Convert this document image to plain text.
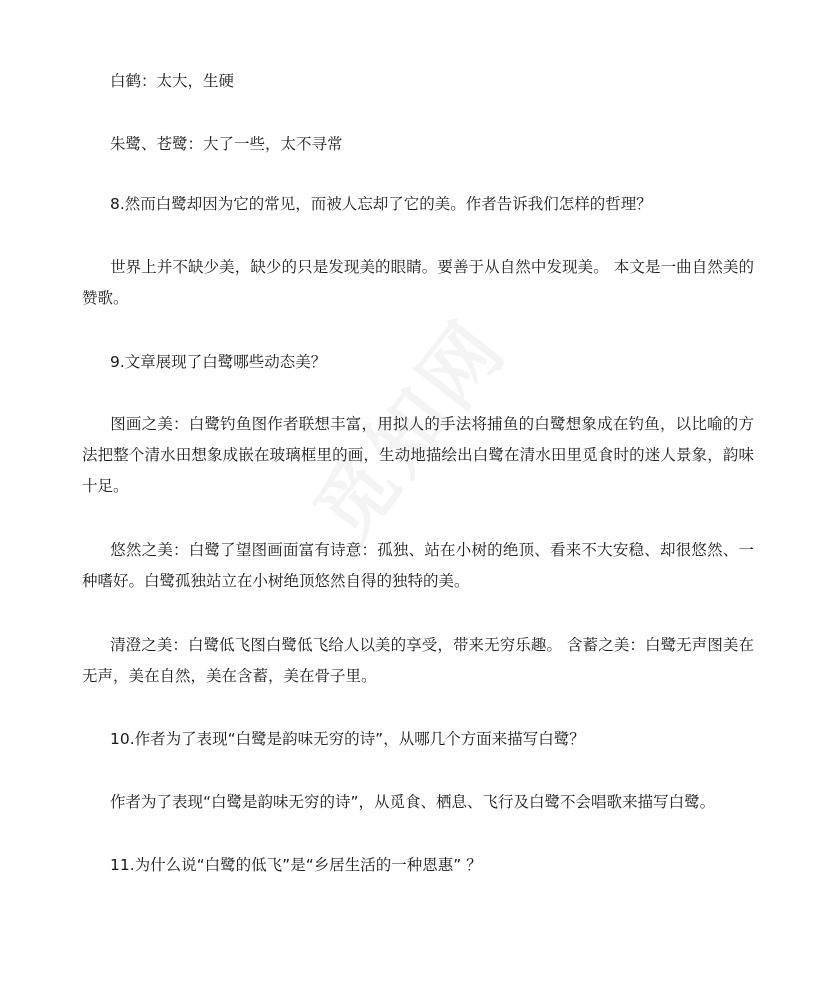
白鹤：太大，生硬

朱鹭、苍鹭：大了一些，太不寻常

8.然而白鹭却因为它的常见，而被人忘却了它的美。作者告诉我们怎样的哲理？

世界上并不缺少美，缺少的只是发现美的眼睛。要善于从自然中发现美。 本文是一曲自然美的赞歌。

9.文章展现了白鹭哪些动态美？

图画之美：白鹭钓鱼图作者联想丰富，用拟人的手法将捕鱼的白鹭想象成在钓鱼，以比喻的方法把整个清水田想象成嵌在玻璃框里的画，生动地描绘出白鹭在清水田里觅食时的迷人景象，韵味十足。

悠然之美：白鹭了望图画面富有诗意：孤独、站在小树的绝顶、看来不大安稳、却很悠然、一种嗜好。白鹭孤独站立在小树绝顶悠然自得的独特的美。

清澄之美：白鹭低飞图白鹭低飞给人以美的享受，带来无穷乐趣。 含蓄之美：白鹭无声图美在无声，美在自然，美在含蓄，美在骨子里。

10.作者为了表现“白鹭是韵味无穷的诗”，从哪几个方面来描写白鹭？

作者为了表现“白鹭是韵味无穷的诗”，从觅食、栖息、飞行及白鹭不会唱歌来描写白鹭。

11.为什么说“白鹭的低飞”是“乡居生活的一种恩惠” ？
